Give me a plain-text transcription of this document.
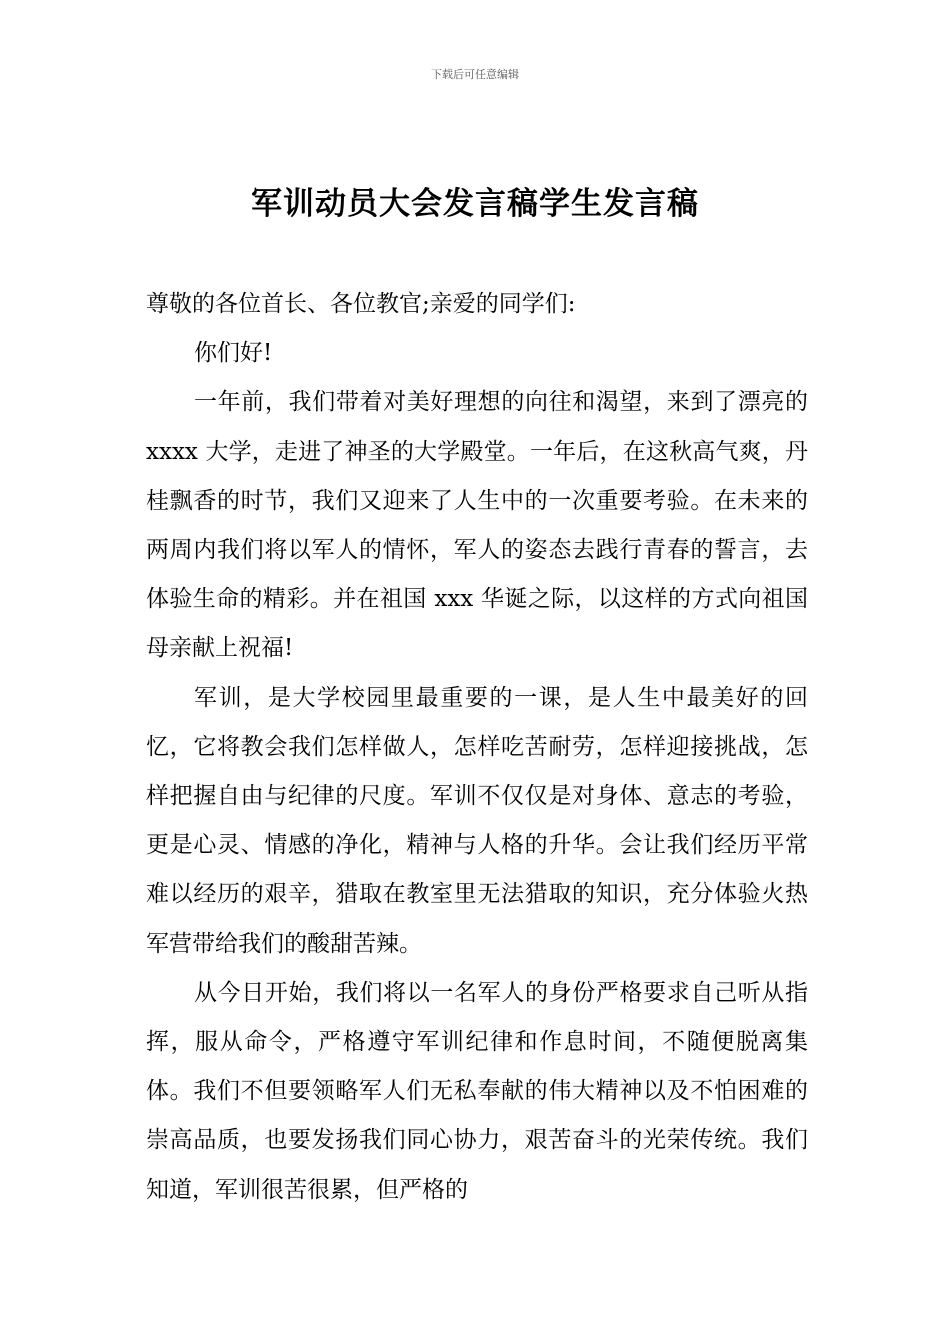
下载后可任意编辑
军训动员大会发言稿学生发言稿

尊敬的各位首长、各位教官;亲爱的同学们:

你们好!

一年前，我们带着对美好理想的向往和渴望，来到了漂亮的 xxxx 大学，走进了神圣的大学殿堂。一年后，在这秋高气爽，丹桂飘香的时节，我们又迎来了人生中的一次重要考验。在未来的两周内我们将以军人的情怀，军人的姿态去践行青春的誓言，去体验生命的精彩。并在祖国 xxx 华诞之际，以这样的方式向祖国母亲献上祝福!

军训，是大学校园里最重要的一课，是人生中最美好的回忆，它将教会我们怎样做人，怎样吃苦耐劳，怎样迎接挑战，怎样把握自由与纪律的尺度。军训不仅仅是对身体、意志的考验，更是心灵、情感的净化，精神与人格的升华。会让我们经历平常难以经历的艰辛，猎取在教室里无法猎取的知识，充分体验火热军营带给我们的酸甜苦辣。

从今日开始，我们将以一名军人的身份严格要求自己听从指挥，服从命令，严格遵守军训纪律和作息时间，不随便脱离集体。我们不但要领略军人们无私奉献的伟大精神以及不怕困难的崇高品质，也要发扬我们同心协力，艰苦奋斗的光荣传统。我们知道，军训很苦很累，但严格的
